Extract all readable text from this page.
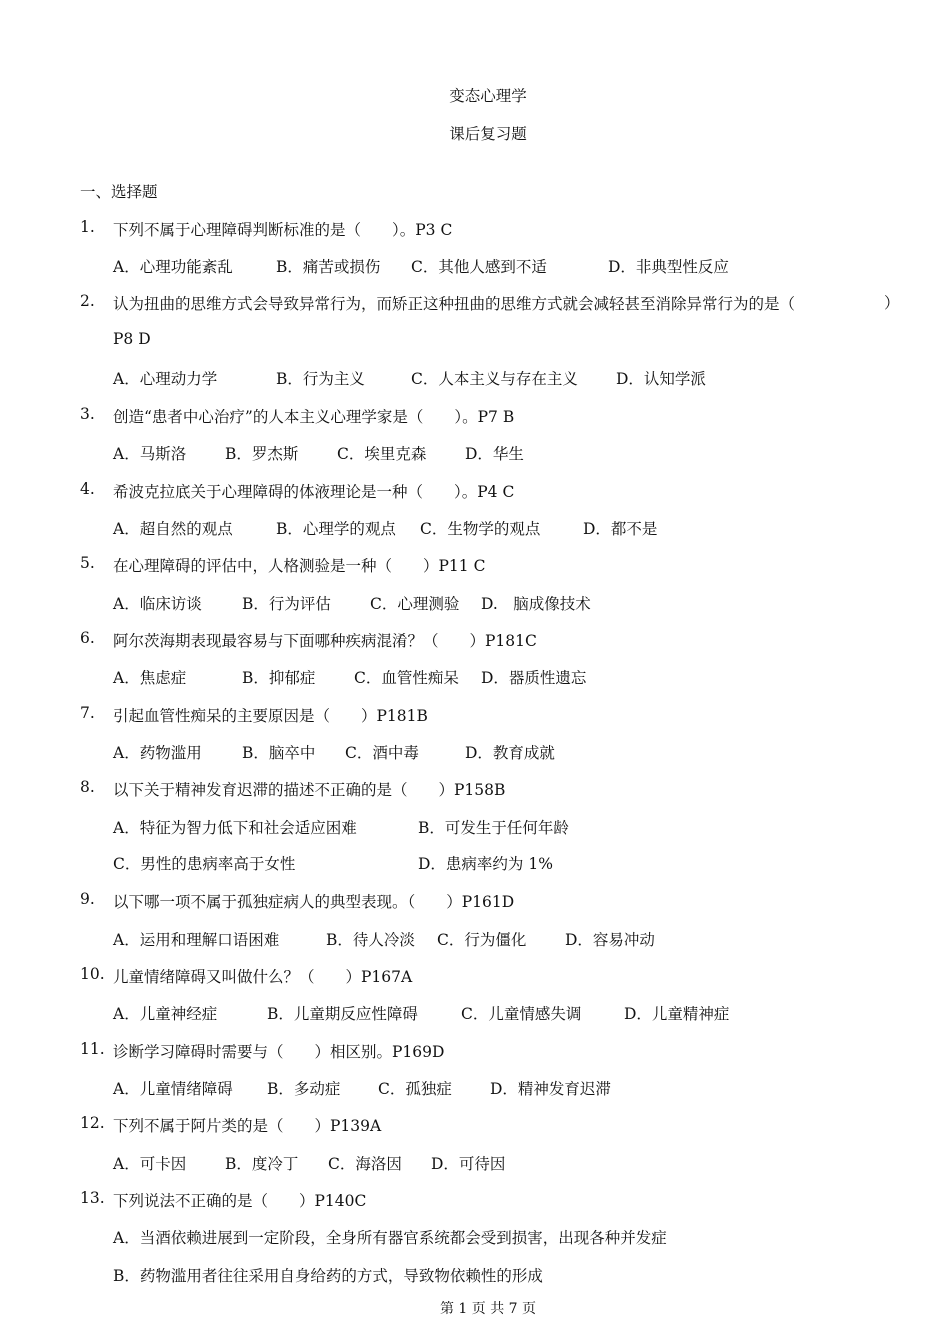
变态心理学
课后复习题
一、选择题
1.	下列不属于心理障碍判断标准的是（　　）。P3 C
A．心理功能紊乱	B．痛苦或损伤 C．其他人感到不适	D．非典型性反应
2.	认为扭曲的思维方式会导致异常行为，而矫正这种扭曲的思维方式就会减轻甚至消除异常行为的是（	）
P8 D
A．心理动力学	B．行为主义	C．人本主义与存在主义 D．认知学派
3.	创造“患者中心治疗”的人本主义心理学家是（　　）。P7 B
A．马斯洛	B．罗杰斯 C．埃里克森 D．华生
4.	希波克拉底关于心理障碍的体液理论是一种（　　）。P4 C
A．超自然的观点	B．心理学的观点 C．生物学的观点	D．都不是
5.	在心理障碍的评估中，人格测验是一种（　　）P11 C
A．临床访谈	B．行为评估	C．心理测验 D.　脑成像技术
6.	阿尔茨海期表现最容易与下面哪种疾病混淆？（　　）P181C
A．焦虑症	B．抑郁症 C．血管性痴呆 D．器质性遗忘
7.	引起血管性痴呆的主要原因是（　　）P181B
A．药物滥用	B．脑卒中 C．酒中毒	D．教育成就
8.	以下关于精神发育迟滞的描述不正确的是（　　）P158B
A．特征为智力低下和社会适应困难	B．可发生于任何年龄
C．男性的患病率高于女性	D．患病率约为 1%
9.	以下哪一项不属于孤独症病人的典型表现。（　　）P161D
A．运用和理解口语困难	B．待人冷淡 C．行为僵化 D．容易冲动
10. 儿童情绪障碍又叫做什么？（　　）P167A
A．儿童神经症	B．儿童期反应性障碍	C．儿童情感失调	D．儿童精神症
11. 诊断学习障碍时需要与（　　）相区别。P169D
A．儿童情绪障碍 B．多动症 C．孤独症 D．精神发育迟滞
12. 下列不属于阿片类的是（　　）P139A
A．可卡因	B．度冷丁 C．海洛因 D．可待因
13. 下列说法不正确的是（　　）P140C
A．当酒依赖进展到一定阶段，全身所有器官系统都会受到损害，出现各种并发症
B．药物滥用者往往采用自身给药的方式，导致物依赖性的形成
第 1 页 共 7 页
